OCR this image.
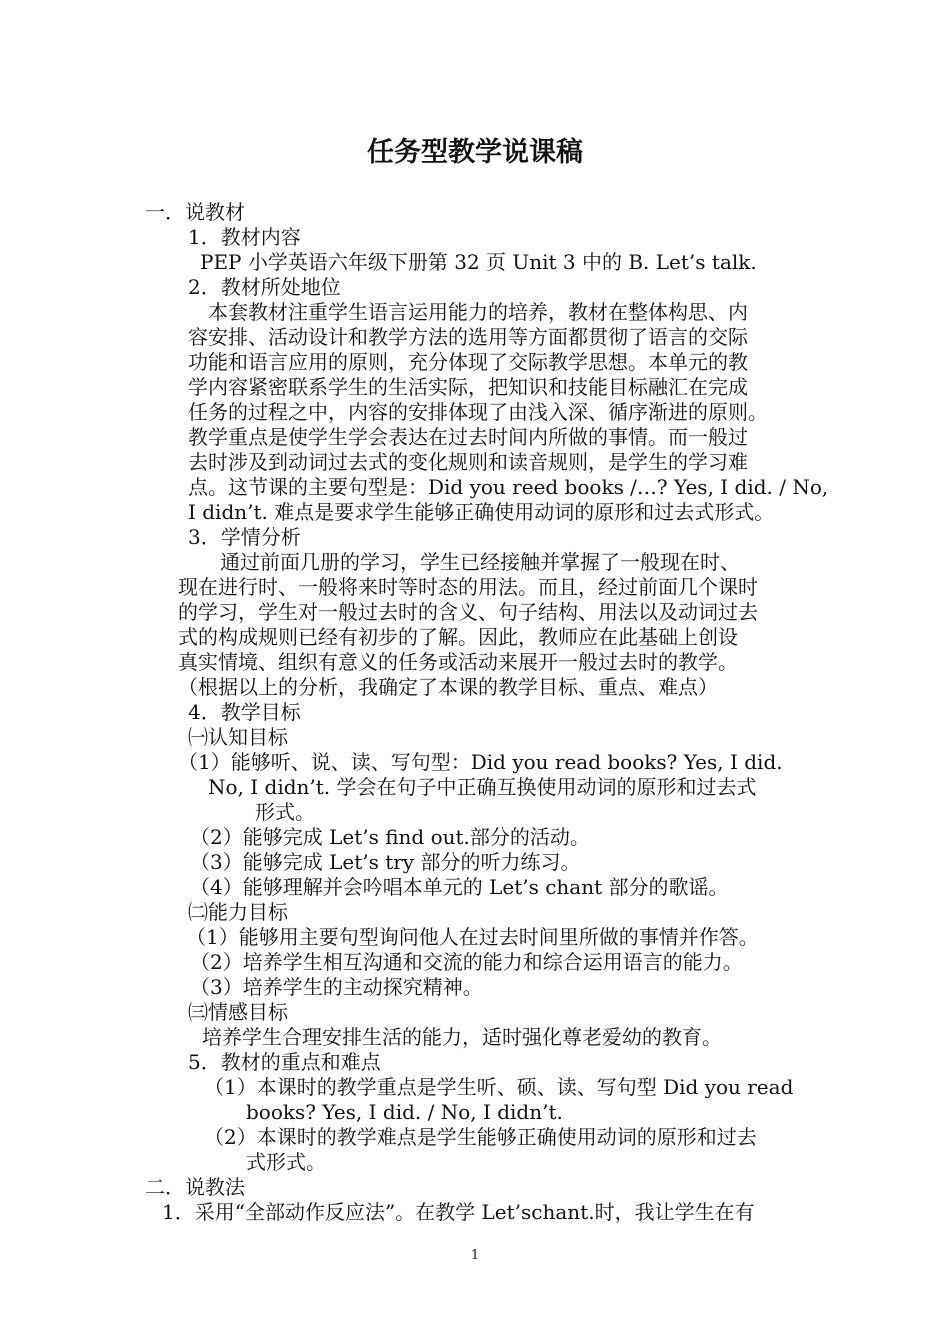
任务型教学说课稿
一．说教材
1．教材内容
PEP 小学英语六年级下册第 32 页 Unit 3 中的 B. Let’s talk.
2．教材所处地位
本套教材注重学生语言运用能力的培养，教材在整体构思、内
容安排、活动设计和教学方法的选用等方面都贯彻了语言的交际
功能和语言应用的原则，充分体现了交际教学思想。本单元的教
学内容紧密联系学生的生活实际，把知识和技能目标融汇在完成
任务的过程之中，内容的安排体现了由浅入深、循序渐进的原则。
教学重点是使学生学会表达在过去时间内所做的事情。而一般过
去时涉及到动词过去式的变化规则和读音规则，是学生的学习难
点。这节课的主要句型是：Did you reed books /…? Yes, I did. / No,
I didn’t. 难点是要求学生能够正确使用动词的原形和过去式形式。
3．学情分析
通过前面几册的学习，学生已经接触并掌握了一般现在时、
现在进行时、一般将来时等时态的用法。而且，经过前面几个课时
的学习，学生对一般过去时的含义、句子结构、用法以及动词过去
式的构成规则已经有初步的了解。因此，教师应在此基础上创设
真实情境、组织有意义的任务或活动来展开一般过去时的教学。
（根据以上的分析，我确定了本课的教学目标、重点、难点）
4．教学目标
㈠认知目标
（1）能够听、说、读、写句型：Did you read books? Yes, I did.
No, I didn’t. 学会在句子中正确互换使用动词的原形和过去式
形式。
（2）能够完成 Let’s find out.部分的活动。
（3）能够完成 Let’s try 部分的听力练习。
（4）能够理解并会吟唱本单元的 Let’s chant 部分的歌谣。
㈡能力目标
（1）能够用主要句型询问他人在过去时间里所做的事情并作答。
（2）培养学生相互沟通和交流的能力和综合运用语言的能力。
（3）培养学生的主动探究精神。
㈢情感目标
培养学生合理安排生活的能力，适时强化尊老爱幼的教育。
5．教材的重点和难点
（1）本课时的教学重点是学生听、硕、读、写句型 Did you read
books? Yes, I did. / No, I didn’t.
（2）本课时的教学难点是学生能够正确使用动词的原形和过去
式形式。
二．说教法
1．采用“全部动作反应法”。在教学 Let’schant.时，我让学生在有
1
